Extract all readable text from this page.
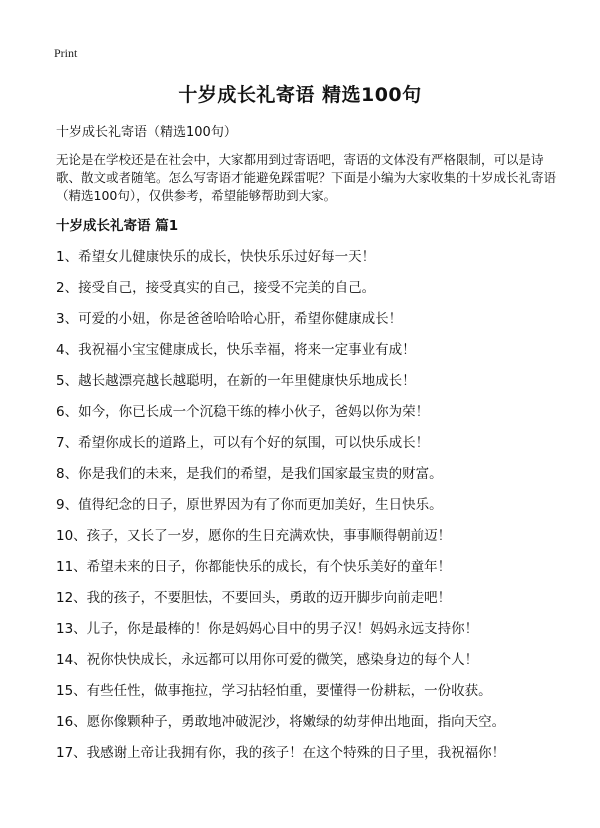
Print
十岁成长礼寄语 精选100句

十岁成长礼寄语（精选100句）

无论是在学校还是在社会中，大家都用到过寄语吧，寄语的文体没有严格限制，可以是诗歌、散文或者随笔。怎么写寄语才能避免踩雷呢？下面是小编为大家收集的十岁成长礼寄语（精选100句），仅供参考，希望能够帮助到大家。

十岁成长礼寄语 篇1
1、希望女儿健康快乐的成长，快快乐乐过好每一天！
2、接受自己，接受真实的自己，接受不完美的自己。
3、可爱的小妞，你是爸爸哈哈哈心肝，希望你健康成长！
4、我祝福小宝宝健康成长，快乐幸福，将来一定事业有成！
5、越长越漂亮越长越聪明，在新的一年里健康快乐地成长！
6、如今，你已长成一个沉稳干练的棒小伙子，爸妈以你为荣！
7、希望你成长的道路上，可以有个好的氛围，可以快乐成长！
8、你是我们的未来，是我们的希望，是我们国家最宝贵的财富。
9、值得纪念的日子，原世界因为有了你而更加美好，生日快乐。
10、孩子，又长了一岁，愿你的生日充满欢快，事事顺得朝前迈！
11、希望未来的日子，你都能快乐的成长，有个快乐美好的童年！
12、我的孩子，不要胆怯，不要回头，勇敢的迈开脚步向前走吧！
13、儿子，你是最棒的！你是妈妈心目中的男子汉！妈妈永远支持你！
14、祝你快快成长，永远都可以用你可爱的微笑，感染身边的每个人！
15、有些任性，做事拖拉，学习拈轻怕重，要懂得一份耕耘，一份收获。
16、愿你像颗种子，勇敢地冲破泥沙，将嫩绿的幼芽伸出地面，指向天空。
17、我感谢上帝让我拥有你，我的孩子！在这个特殊的日子里，我祝福你！
